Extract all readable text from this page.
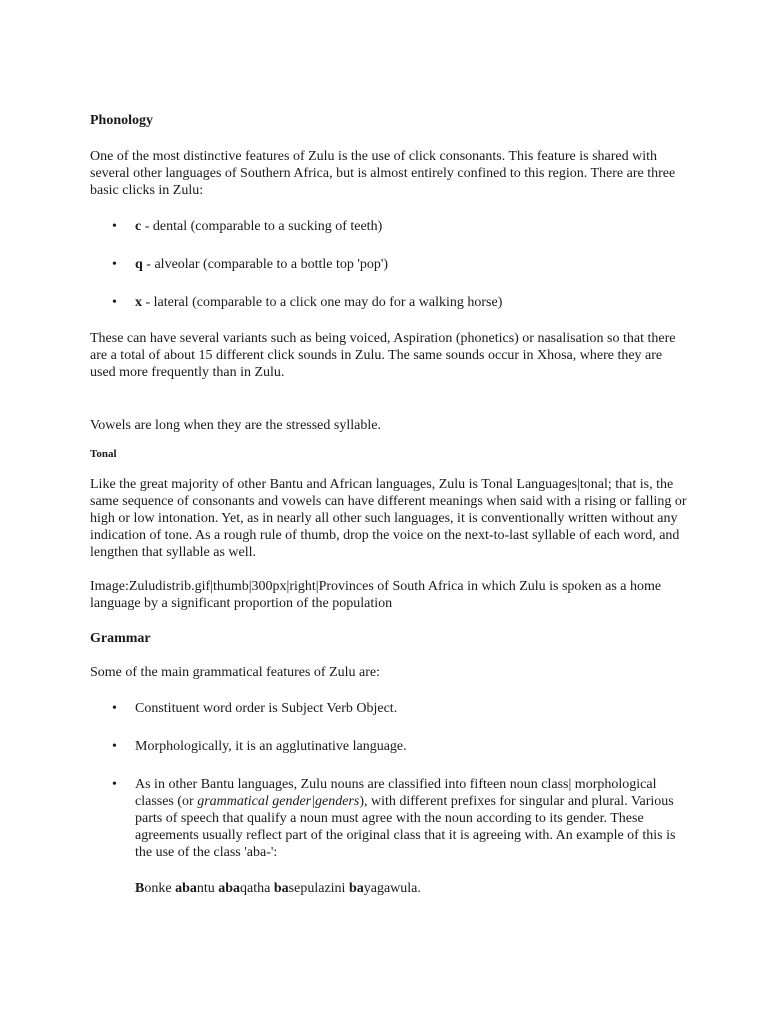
Phonology

One of the most distinctive features of Zulu is the use of click consonants. This feature is shared with several other languages of Southern Africa, but is almost entirely confined to this region. There are three basic clicks in Zulu:

• c - dental (comparable to a sucking of teeth)
• q - alveolar (comparable to a bottle top 'pop')
• x - lateral (comparable to a click one may do for a walking horse)

These can have several variants such as being voiced, Aspiration (phonetics) or nasalisation so that there are a total of about 15 different click sounds in Zulu. The same sounds occur in Xhosa, where they are used more frequently than in Zulu.

Vowels are long when they are the stressed syllable.

Tonal

Like the great majority of other Bantu and African languages, Zulu is Tonal Languages|tonal; that is, the same sequence of consonants and vowels can have different meanings when said with a rising or falling or high or low intonation. Yet, as in nearly all other such languages, it is conventionally written without any indication of tone. As a rough rule of thumb, drop the voice on the next-to-last syllable of each word, and lengthen that syllable as well.

Image:Zuludistrib.gif|thumb|300px|right|Provinces of South Africa in which Zulu is spoken as a home language by a significant proportion of the population

Grammar

Some of the main grammatical features of Zulu are:

• Constituent word order is Subject Verb Object.
• Morphologically, it is an agglutinative language.
• As in other Bantu languages, Zulu nouns are classified into fifteen noun class| morphological classes (or grammatical gender|genders), with different prefixes for singular and plural. Various parts of speech that qualify a noun must agree with the noun according to its gender. These agreements usually reflect part of the original class that it is agreeing with. An example of this is the use of the class 'aba-':

Bonke abantu abaqatha basepulazini bayagawula.
